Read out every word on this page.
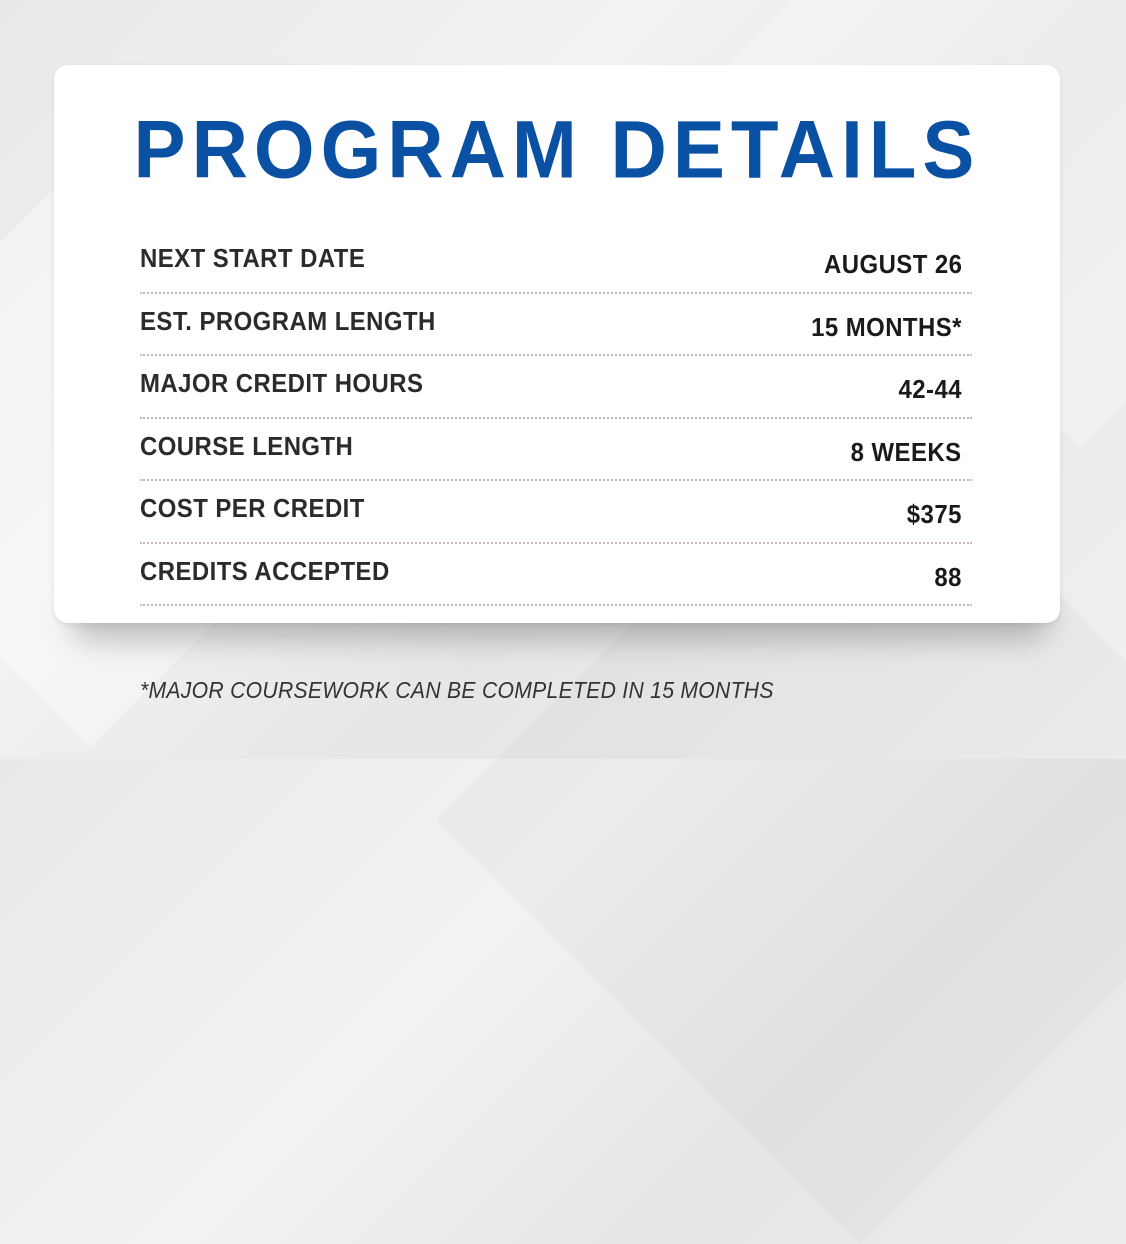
PROGRAM DETAILS
NEXT START DATE	AUGUST 26
EST. PROGRAM LENGTH	15 MONTHS*
MAJOR CREDIT HOURS	42-44
COURSE LENGTH	8 WEEKS
COST PER CREDIT	$375
CREDITS ACCEPTED	88
*MAJOR COURSEWORK CAN BE COMPLETED IN 15 MONTHS
